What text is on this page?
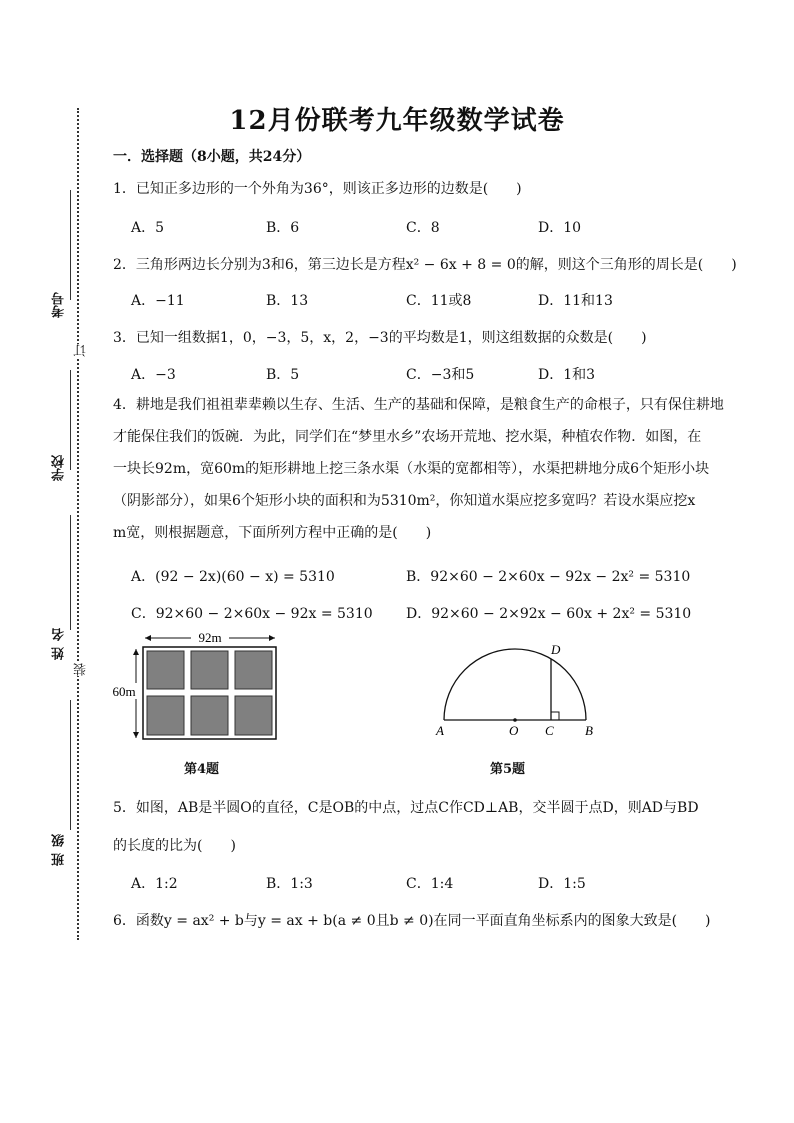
考号
订
学校
姓名
装
班级
12月份联考九年级数学试卷
一．选择题（8小题，共24分）
1．已知正多边形的一个外角为36°，则该正多边形的边数是(　　)
A．5	B．6	C．8	D．10
2．三角形两边长分别为3和6，第三边长是方程x² − 6x + 8 = 0的解，则这个三角形的周长是(　　)
A．−11	B．13	C．11或8	D．11和13
3．已知一组数据1，0，−3，5，x，2，−3的平均数是1，则这组数据的众数是(　　)
A．−3	B．5	C．−3和5	D．1和3
4．耕地是我们祖祖辈辈赖以生存、生活、生产的基础和保障，是粮食生产的命根子，只有保住耕地
才能保住我们的饭碗．为此，同学们在“梦里水乡”农场开荒地、挖水渠，种植农作物．如图，在
一块长92m，宽60m的矩形耕地上挖三条水渠（水渠的宽都相等），水渠把耕地分成6个矩形小块
（阴影部分），如果6个矩形小块的面积和为5310m²，你知道水渠应挖多宽吗？若设水渠应挖x
m宽，则根据题意，下面所列方程中正确的是(　　)
A．(92 − 2x)(60 − x) = 5310	B．92×60 − 2×60x − 92x − 2x² = 5310
C．92×60 − 2×60x − 92x = 5310 D．92×60 − 2×92x − 60x + 2x² = 5310
92m
60m
第4题
A	O C B
D
第5题
5．如图，AB是半圆O的直径，C是OB的中点，过点C作CD⊥AB，交半圆于点D，则AD与BD
的长度的比为(　　)
A．1:2	B．1:3	C．1:4	D．1:5
6．函数y = ax² + b与y = ax + b(a ≠ 0且b ≠ 0)在同一平面直角坐标系内的图象大致是(　　)
